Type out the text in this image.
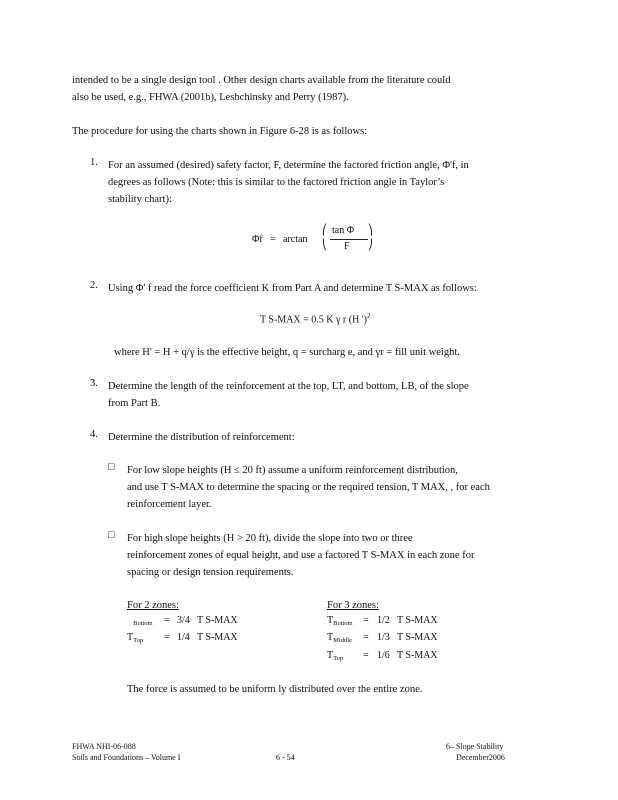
intended to be a single design tool . Other design charts available from the literature could
also be used, e.g., FHWA (2001b), Leshchinsky and Perry (1987).
The procedure for using the charts shown in Figure 6-28 is as follows:
1. For an assumed (desired) safety factor, F, determine the factored friction angle, Φ'f, in
degrees as follows (Note: this is similar to the factored friction angle in Taylor’s
stability chart):
Φf = arctan
⎛
⎝
tan Φ
F
⎞
⎠
2. Using Φ' f read the force coefficient K from Part A and determine T S-MAX as follows:
T S-MAX = 0.5 K γ r (H ')$^2$
where H' = H + q/γ is the effective height, q = surcharg e, and γr = fill unit weight.
3. Determine the length of the reinforcement at the top, LT, and bottom, LB, of the slope
from Part B.
4. Determine the distribution of reinforcement:
□ For low slope heights (H ≤ 20 ft) assume a uniform reinforcement distribution,
and use T S-MAX to determine the spacing or the required tension, T MAX, , for each
reinforcement layer.
□ For high slope heights (H > 20 ft), divide the slope into two or three
reinforcement zones of equal height, and use a factored T S-MAX in each zone for
spacing or design tension requirements.
For 2 zones:	For 3 zones:
$_{Bottom}$ = 3/4 T S-MAX
$T_{Top} = 1/4$ T S-MAX
$T_{Bottom} = 1/2$ T S-MAX
$T_{Middle} = 1/3$ T S-MAX
$T_{Top} = 1/6$ T S-MAX
The force is assumed to be uniform ly distributed over the entire zone.
FHWA NHI-06-088
Soils and Foundations – Volume I	6 - 54
6– Slope Stability
December2006
